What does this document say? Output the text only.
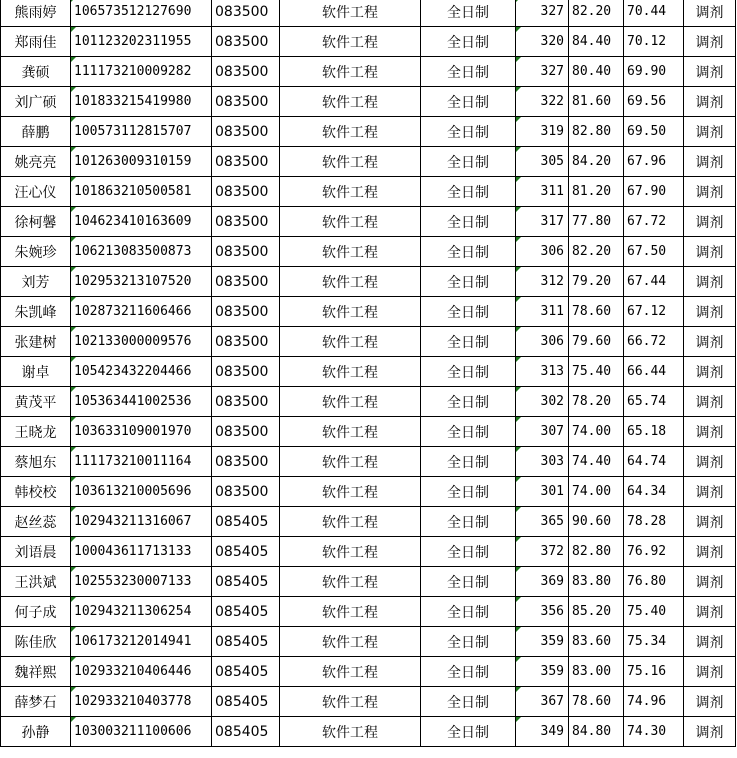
熊雨婷	106573512127690	083500	软件工程	全日制	327	82.20	70.44	调剂
郑雨佳	101123202311955	083500	软件工程	全日制	320	84.40	70.12	调剂
龚硕	111173210009282	083500	软件工程	全日制	327	80.40	69.90	调剂
刘广硕	101833215419980	083500	软件工程	全日制	322	81.60	69.56	调剂
薛鹏	100573112815707	083500	软件工程	全日制	319	82.80	69.50	调剂
姚亮亮	101263009310159	083500	软件工程	全日制	305	84.20	67.96	调剂
汪心仪	101863210500581	083500	软件工程	全日制	311	81.20	67.90	调剂
徐柯馨	104623410163609	083500	软件工程	全日制	317	77.80	67.72	调剂
朱婉珍	106213083500873	083500	软件工程	全日制	306	82.20	67.50	调剂
刘芳	102953213107520	083500	软件工程	全日制	312	79.20	67.44	调剂
朱凯峰	102873211606466	083500	软件工程	全日制	311	78.60	67.12	调剂
张建树	102133000009576	083500	软件工程	全日制	306	79.60	66.72	调剂
谢卓	105423432204466	083500	软件工程	全日制	313	75.40	66.44	调剂
黄茂平	105363441002536	083500	软件工程	全日制	302	78.20	65.74	调剂
王晓龙	103633109001970	083500	软件工程	全日制	307	74.00	65.18	调剂
蔡旭东	111173210011164	083500	软件工程	全日制	303	74.40	64.74	调剂
韩校校	103613210005696	083500	软件工程	全日制	301	74.00	64.34	调剂
赵丝蕊	102943211316067	085405	软件工程	全日制	365	90.60	78.28	调剂
刘语晨	100043611713133	085405	软件工程	全日制	372	82.80	76.92	调剂
王洪斌	102553230007133	085405	软件工程	全日制	369	83.80	76.80	调剂
何子成	102943211306254	085405	软件工程	全日制	356	85.20	75.40	调剂
陈佳欣	106173212014941	085405	软件工程	全日制	359	83.60	75.34	调剂
魏祥熙	102933210406446	085405	软件工程	全日制	359	83.00	75.16	调剂
薛梦石	102933210403778	085405	软件工程	全日制	367	78.60	74.96	调剂
孙静	103003211100606	085405	软件工程	全日制	349	84.80	74.30	调剂
